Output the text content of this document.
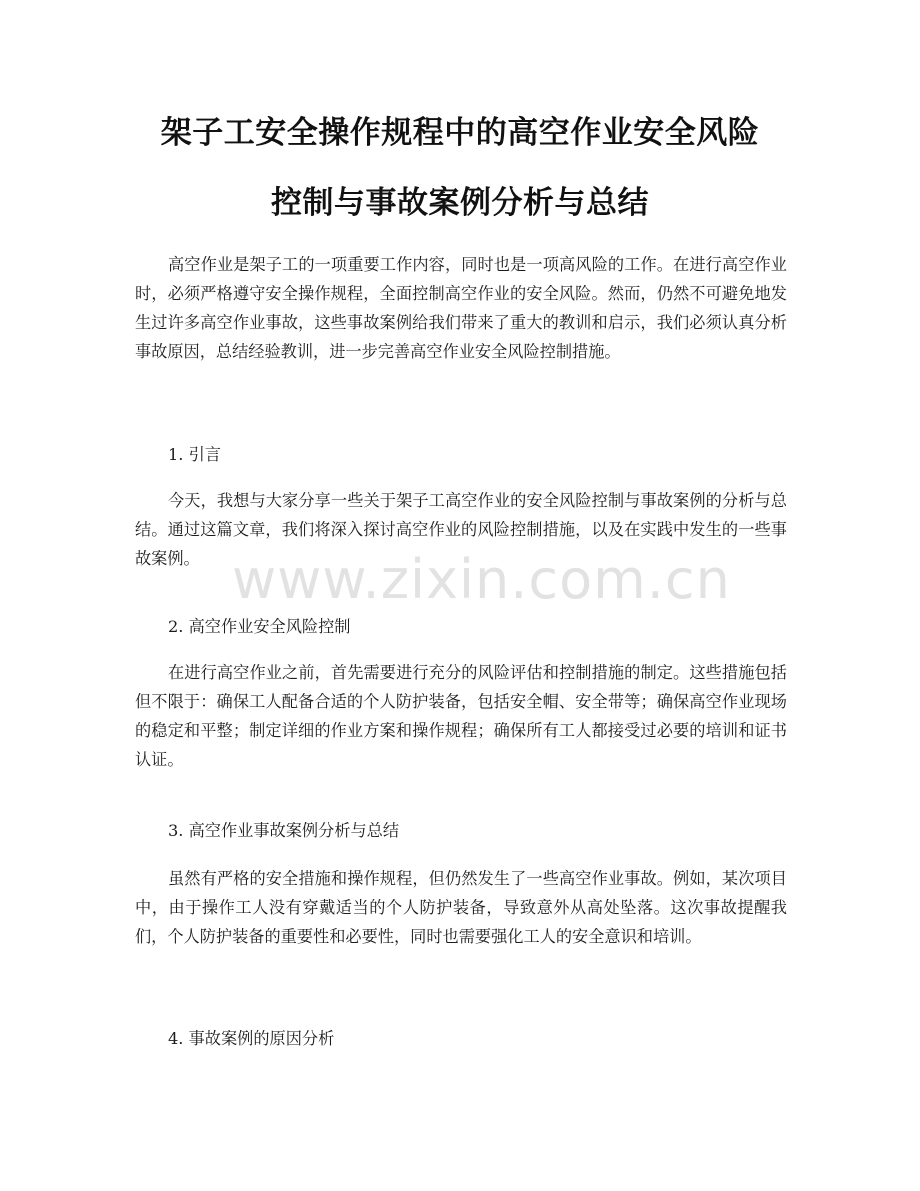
架子工安全操作规程中的高空作业安全风险
控制与事故案例分析与总结

高空作业是架子工的一项重要工作内容，同时也是一项高风险的工作。在进行高空作业时，必须严格遵守安全操作规程，全面控制高空作业的安全风险。然而，仍然不可避免地发生过许多高空作业事故，这些事故案例给我们带来了重大的教训和启示，我们必须认真分析事故原因，总结经验教训，进一步完善高空作业安全风险控制措施。

1. 引言

今天，我想与大家分享一些关于架子工高空作业的安全风险控制与事故案例的分析与总结。通过这篇文章，我们将深入探讨高空作业的风险控制措施，以及在实践中发生的一些事故案例。

2. 高空作业安全风险控制

在进行高空作业之前，首先需要进行充分的风险评估和控制措施的制定。这些措施包括但不限于：确保工人配备合适的个人防护装备，包括安全帽、安全带等；确保高空作业现场的稳定和平整；制定详细的作业方案和操作规程；确保所有工人都接受过必要的培训和证书认证。

3. 高空作业事故案例分析与总结

虽然有严格的安全措施和操作规程，但仍然发生了一些高空作业事故。例如，某次项目中，由于操作工人没有穿戴适当的个人防护装备，导致意外从高处坠落。这次事故提醒我们，个人防护装备的重要性和必要性，同时也需要强化工人的安全意识和培训。

4. 事故案例的原因分析

www.zixin.com.cn
